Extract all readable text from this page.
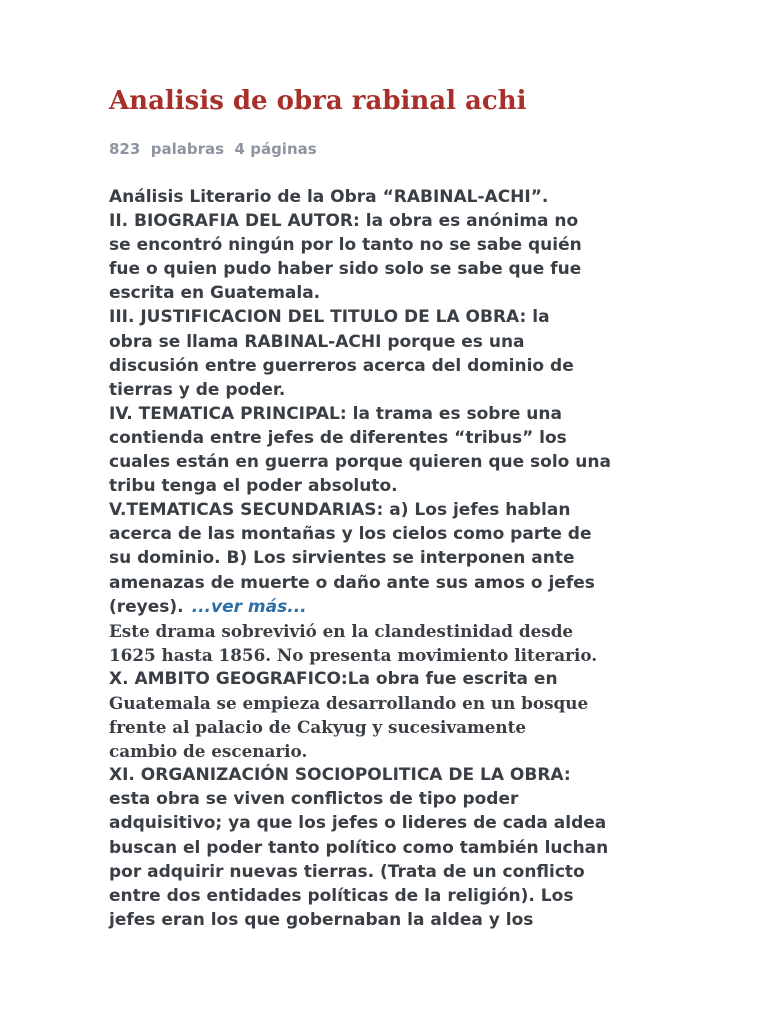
Analisis de obra rabinal achi
823 palabras 4 páginas
Análisis Literario de la Obra “RABINAL-ACHI”.
II. BIOGRAFIA DEL AUTOR: la obra es anónima no
se encontró ningún por lo tanto no se sabe quién
fue o quien pudo haber sido solo se sabe que fue
escrita en Guatemala.
III. JUSTIFICACION DEL TITULO DE LA OBRA: la
obra se llama RABINAL-ACHI porque es una
discusión entre guerreros acerca del dominio de
tierras y de poder.
IV. TEMATICA PRINCIPAL: la trama es sobre una
contienda entre jefes de diferentes “tribus” los
cuales están en guerra porque quieren que solo una
tribu tenga el poder absoluto.
V.TEMATICAS SECUNDARIAS: a) Los jefes hablan
acerca de las montañas y los cielos como parte de
su dominio. B) Los sirvientes se interponen ante
amenazas de muerte o daño ante sus amos o jefes
(reyes). ...ver más...
Este drama sobrevivió en la clandestinidad desde
1625 hasta 1856. No presenta movimiento literario.
X. AMBITO GEOGRAFICO:La obra fue escrita en
Guatemala se empieza desarrollando en un bosque
frente al palacio de Cakyug y sucesivamente
cambio de escenario.
XI. ORGANIZACIÓN SOCIOPOLITICA DE LA OBRA:
esta obra se viven conflictos de tipo poder
adquisitivo; ya que los jefes o lideres de cada aldea
buscan el poder tanto político como también luchan
por adquirir nuevas tierras. (Trata de un conflicto
entre dos entidades políticas de la religión). Los
jefes eran los que gobernaban la aldea y los
